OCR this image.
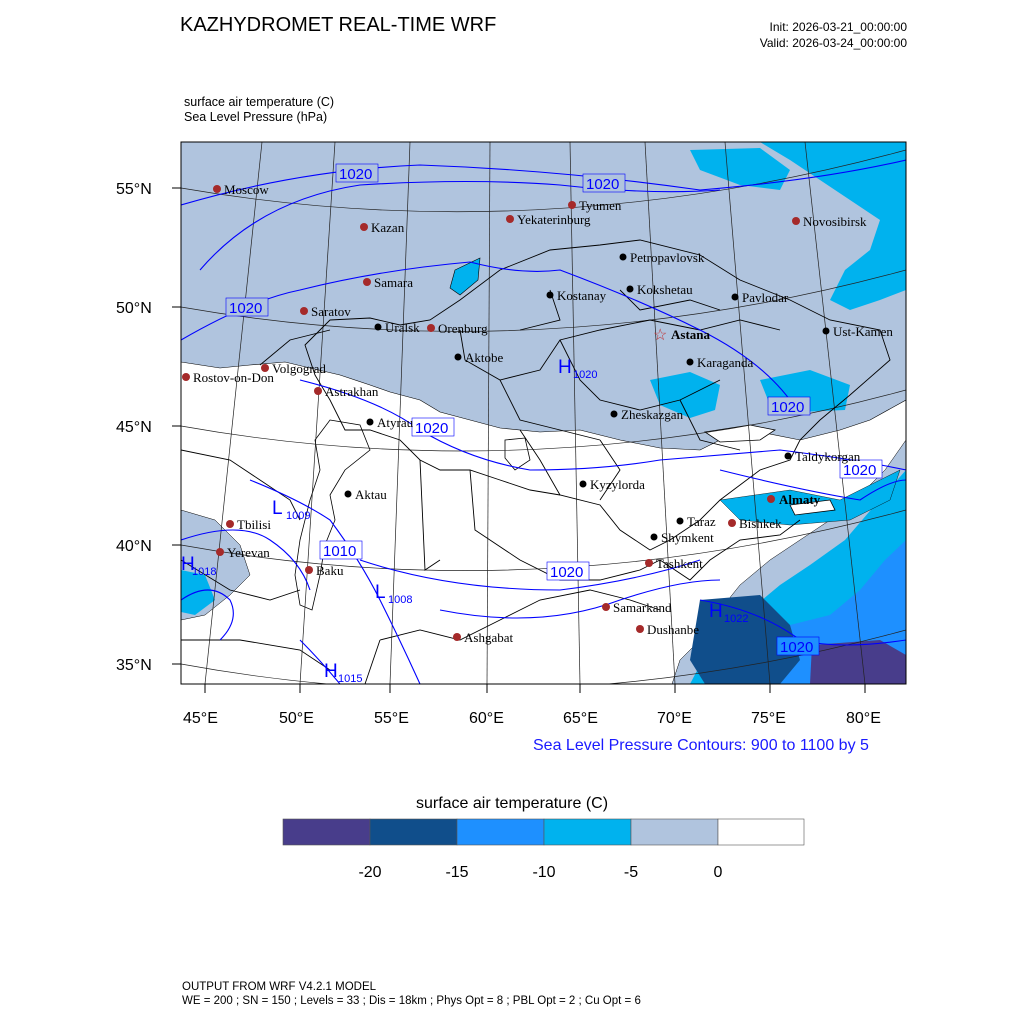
KAZHYDROMET REAL-TIME WRF	Init: 2026-03-21_00:00:00
Valid: 2026-03-24_00:00:00
surface air temperature (C)
Sea Level Pressure (hPa)
55°N
50°N
45°N
40°N
35°N
45°E	50°E	55°E	60°E	65°E	70°E	75°E	80°E
1020
1020
1020
1020
1020
1020
1010
1020
1020
H 1020
L 1009
H
1018
L 1008
H 1022
H 1015
Moscow
Kazan
Tyumen
Yekaterinburg	Novosibirsk
Samara
Saratov
Orenburg
Volgograd
Rostov-on-Don
Astrakhan
Tbilisi
Yerevan
Baku
Ashgabat
Samarkand
Dushanbe
Tashkent
Bishkek
Almaty
☆ Astana
Petropavlovsk
Kostanay Kokshetau
Pavlodar
Uralsk
Aktobe
Ust-Kamen
Karaganda
Atyrau
Zheskazgan
Taldykorgan
Aktau
Kyzylorda
Taraz
Shymkent
-20	-15	-10	-5	0
Sea Level Pressure Contours: 900 to 1100 by 5
surface air temperature (C)
OUTPUT FROM WRF V4.2.1 MODEL
WE = 200 ; SN = 150 ; Levels = 33 ; Dis = 18km ; Phys Opt = 8 ; PBL Opt = 2 ; Cu Opt = 6
